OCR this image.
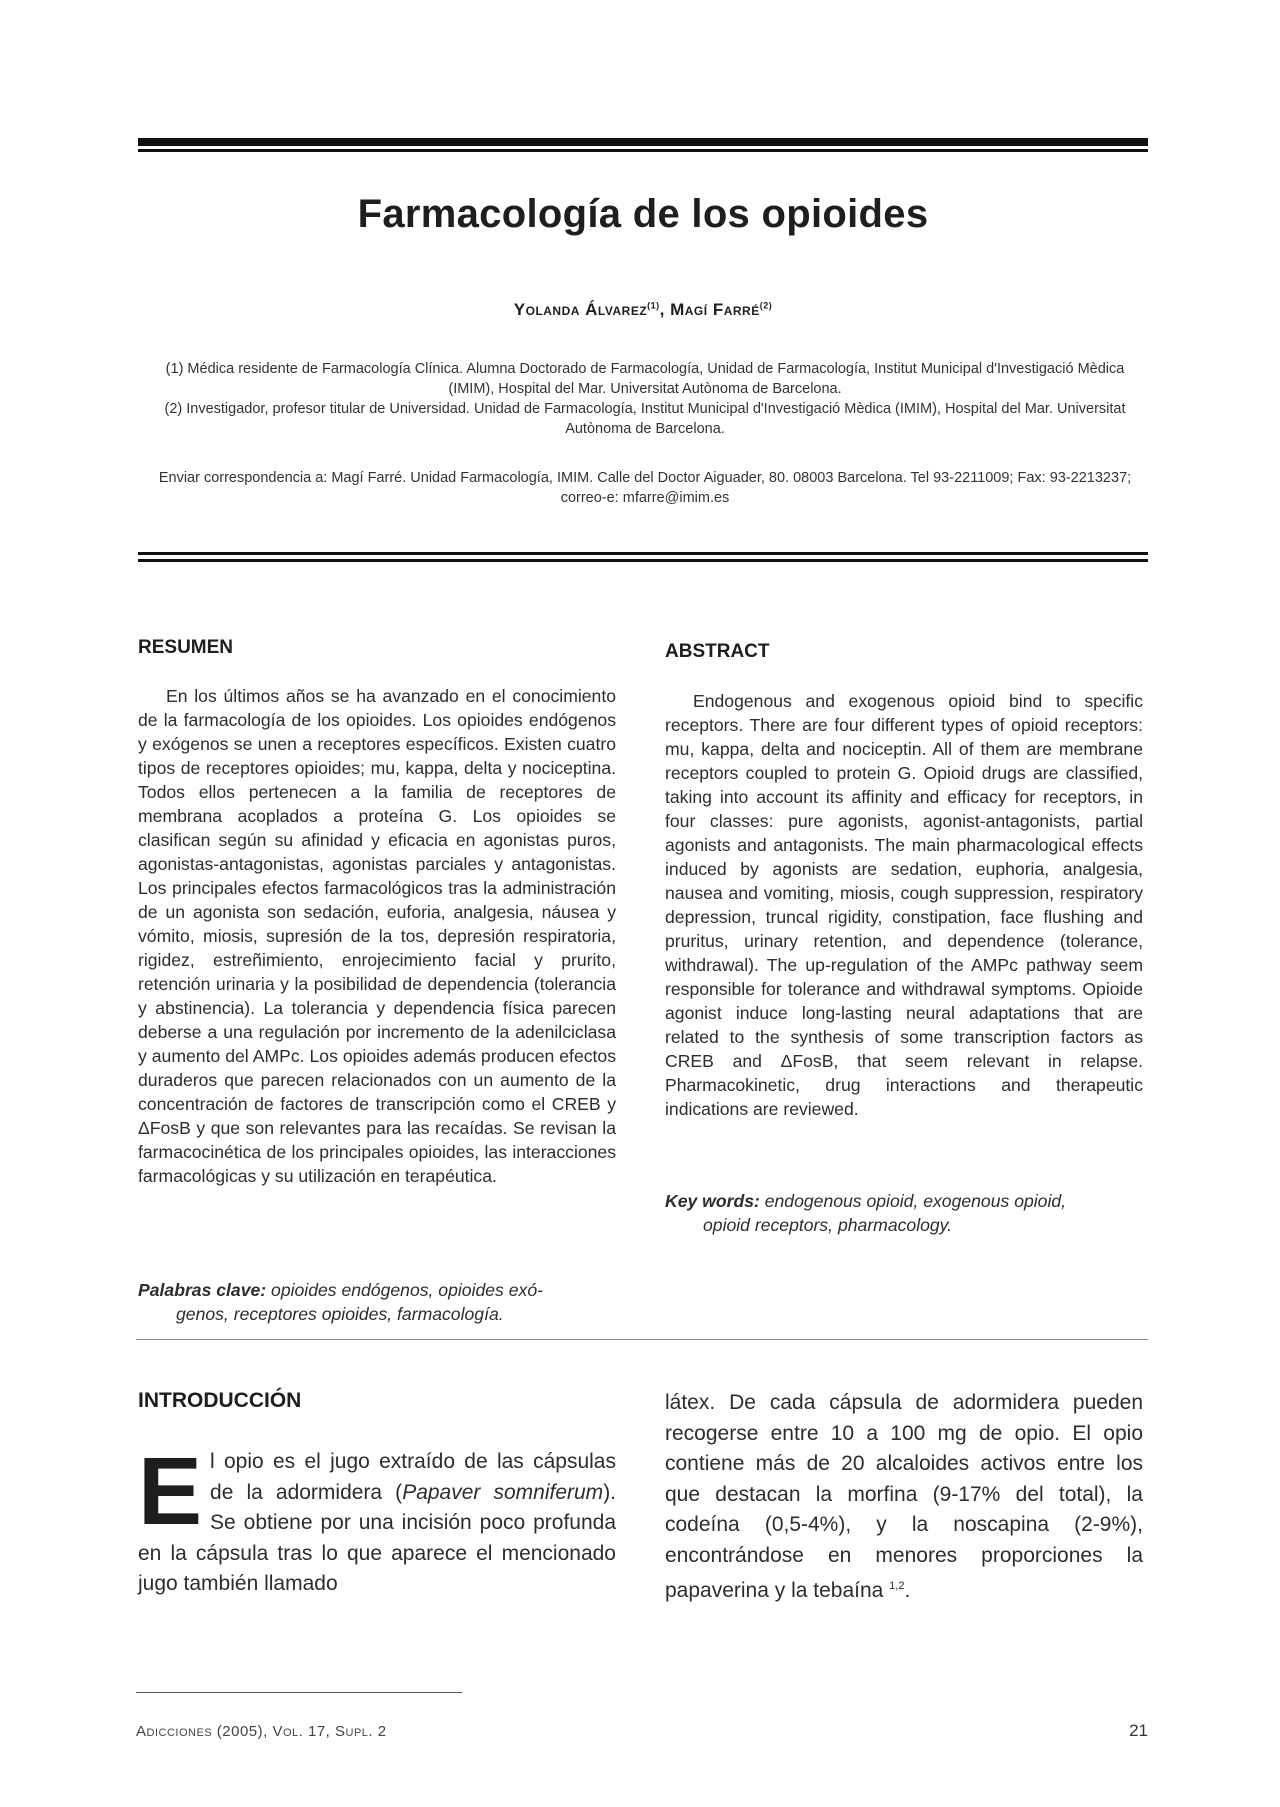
Farmacología de los opioides
Yolanda Álvarez$^{(1)}$, Magí Farré$^{(2)}$
(1) Médica residente de Farmacología Clínica. Alumna Doctorado de Farmacología, Unidad de Farmacología, Institut Municipal d'Investigació Mèdica (IMIM), Hospital del Mar. Universitat Autònoma de Barcelona.
(2) Investigador, profesor titular de Universidad. Unidad de Farmacología, Institut Municipal d'Investigació Mèdica (IMIM), Hospital del Mar. Universitat Autònoma de Barcelona.
Enviar correspondencia a: Magí Farré. Unidad Farmacología, IMIM. Calle del Doctor Aiguader, 80. 08003 Barcelona. Tel 93-2211009; Fax: 93-2213237; correo-e: mfarre@imim.es
RESUMEN

En los últimos años se ha avanzado en el conocimiento de la farmacología de los opioides. Los opioides endógenos y exógenos se unen a receptores específicos. Existen cuatro tipos de receptores opioides; mu, kappa, delta y nociceptina. Todos ellos pertenecen a la familia de receptores de membrana acoplados a proteína G. Los opioides se clasifican según su afinidad y eficacia en agonistas puros, agonistas-antagonistas, agonistas parciales y antagonistas. Los principales efectos farmacológicos tras la administración de un agonista son sedación, euforia, analgesia, náusea y vómito, miosis, supresión de la tos, depresión respiratoria, rigidez, estreñimiento, enrojecimiento facial y prurito, retención urinaria y la posibilidad de dependencia (tolerancia y abstinencia). La tolerancia y dependencia física parecen deberse a una regulación por incremento de la adenilciclasa y aumento del AMPc. Los opioides además producen efectos duraderos que parecen relacionados con un aumento de la concentración de factores de transcripción como el CREB y ΔFosB y que son relevantes para las recaídas. Se revisan la farmacocinética de los principales opioides, las interacciones farmacológicas y su utilización en terapéutica.

Palabras clave: opioides endógenos, opioides exó-
genos, receptores opioides, farmacología.
ABSTRACT

Endogenous and exogenous opioid bind to specific receptors. There are four different types of opioid receptors: mu, kappa, delta and nociceptin. All of them are membrane receptors coupled to protein G. Opioid drugs are classified, taking into account its affinity and efficacy for receptors, in four classes: pure agonists, agonist-antagonists, partial agonists and antagonists. The main pharmacological effects induced by agonists are sedation, euphoria, analgesia, nausea and vomiting, miosis, cough suppression, respiratory depression, truncal rigidity, constipation, face flushing and pruritus, urinary retention, and dependence (tolerance, withdrawal). The up-regulation of the AMPc pathway seem responsible for tolerance and withdrawal symptoms. Opioide agonist induce long-lasting neural adaptations that are related to the synthesis of some transcription factors as CREB and ΔFosB, that seem relevant in relapse. Pharmacokinetic, drug interactions and therapeutic indications are reviewed.

Key words: endogenous opioid, exogenous opioid,
opioid receptors, pharmacology.
INTRODUCCIÓN
El opio es el jugo extraído de las cápsulas de la adormidera (Papaver somniferum). Se obtiene por una incisión poco profunda en la cápsula tras lo que aparece el mencionado jugo también llamado
látex. De cada cápsula de adormidera pueden recogerse entre 10 a 100 mg de opio. El opio contiene más de 20 alcaloides activos entre los que destacan la morfina (9-17% del total), la codeína (0,5-4%), y la noscapina (2-9%), encontrándose en menores proporciones la papaverina y la tebaína $^{1,2}$.
Adicciones (2005), Vol. 17, Supl. 2	21
